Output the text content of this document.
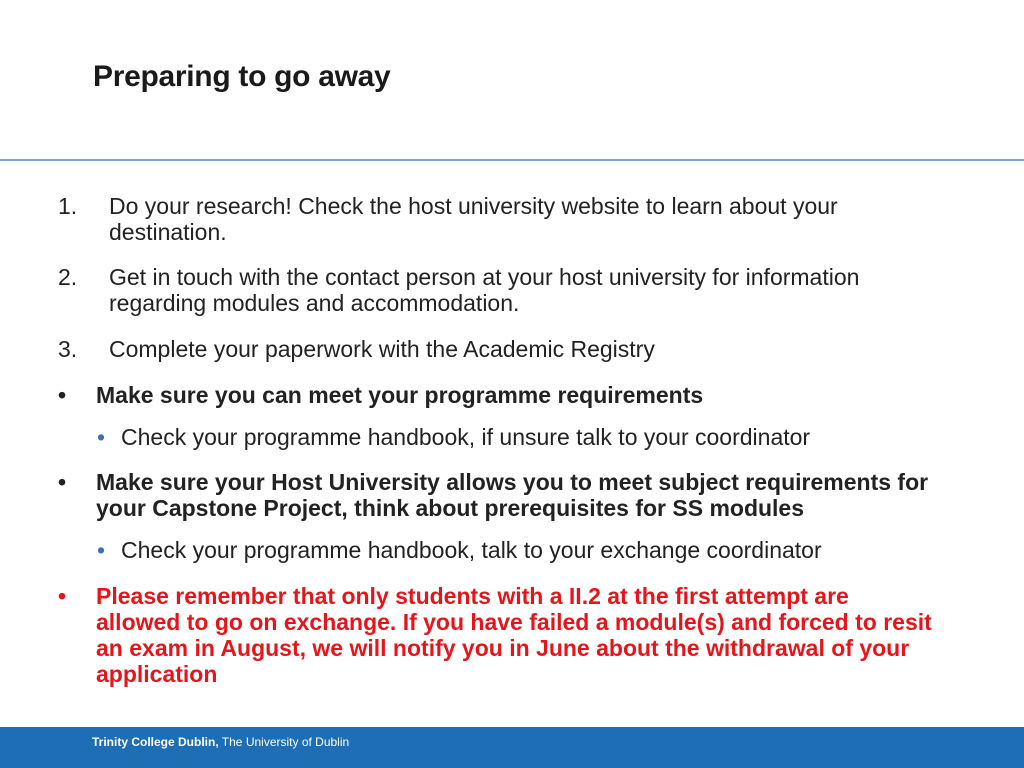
Preparing to go away
1. Do your research! Check the host university website to learn about your
destination.
2. Get in touch with the contact person at your host university for information
regarding modules and accommodation.
3. Complete your paperwork with the Academic Registry
• Make sure you can meet your programme requirements
• Check your programme handbook, if unsure talk to your coordinator
• Make sure your Host University allows you to meet subject requirements for
your Capstone Project, think about prerequisites for SS modules
• Check your programme handbook, talk to your exchange coordinator
• Please remember that only students with a II.2 at the first attempt are
allowed to go on exchange. If you have failed a module(s) and forced to resit
an exam in August, we will notify you in June about the withdrawal of your
application
Trinity College Dublin, The University of Dublin
